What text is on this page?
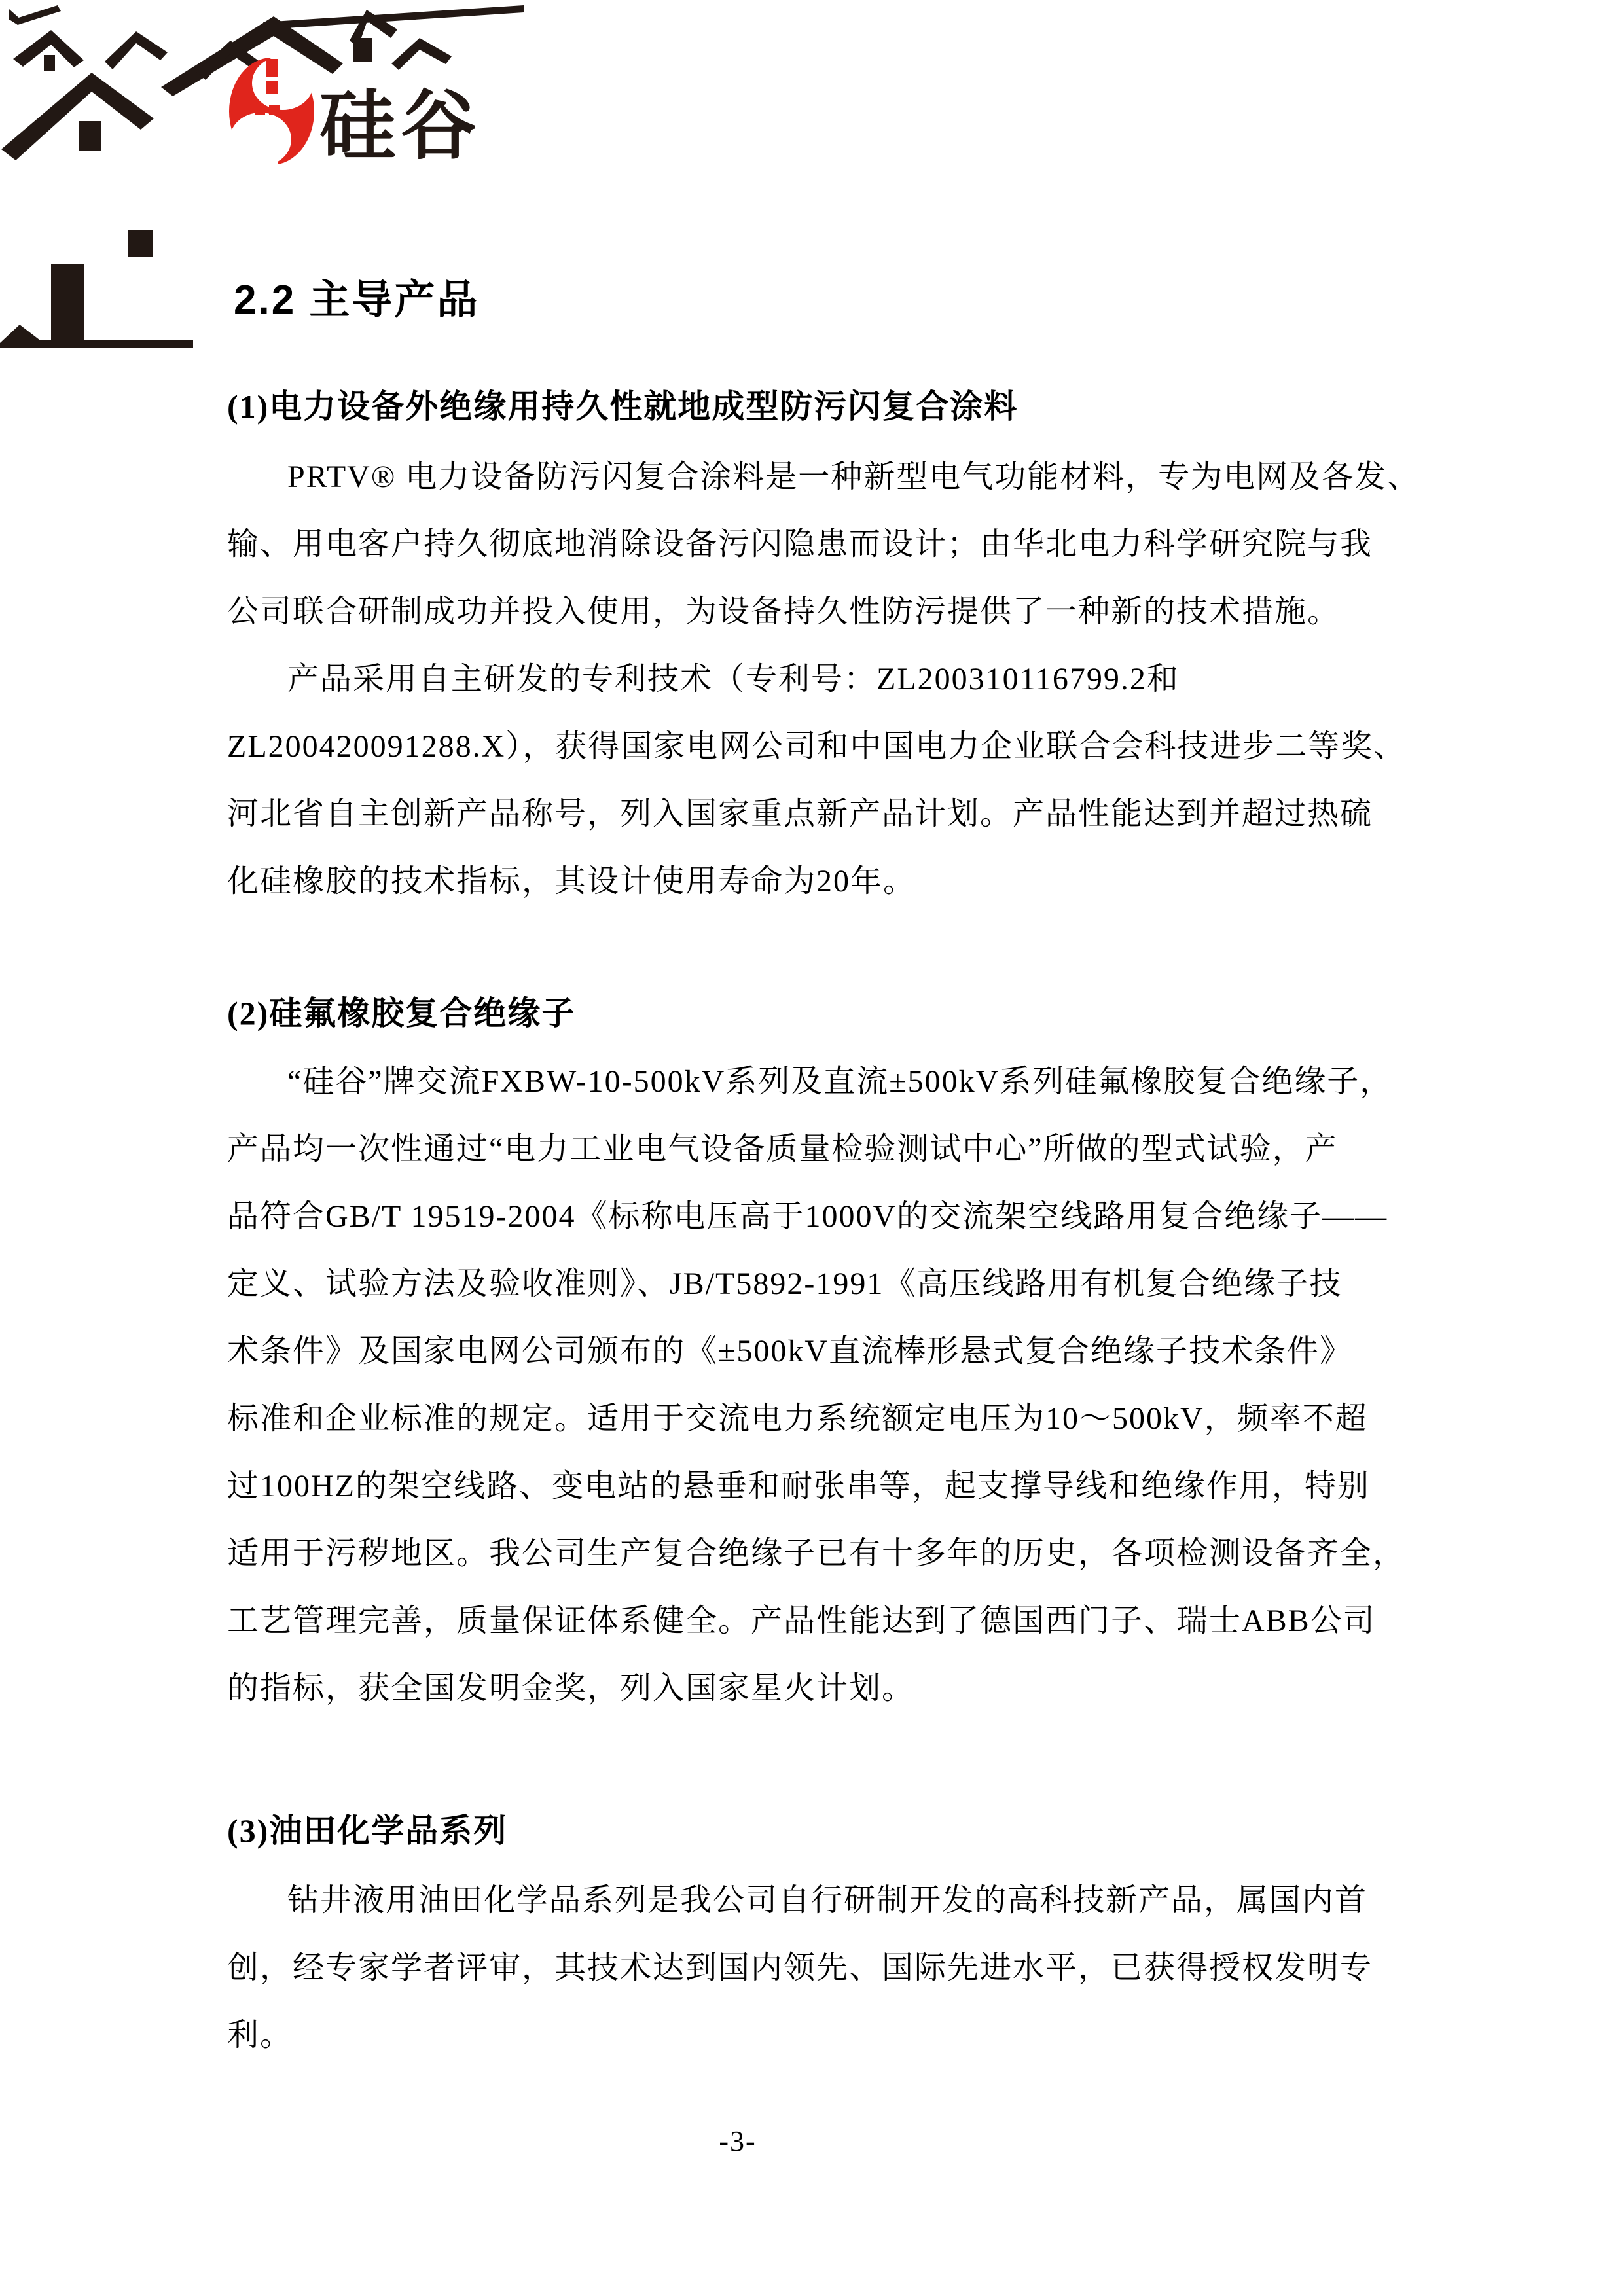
硅谷
2.2 主导产品
(1)电力设备外绝缘用持久性就地成型防污闪复合涂料
PRTV® 电力设备防污闪复合涂料是一种新型电气功能材料，专为电网及各发、
输、用电客户持久彻底地消除设备污闪隐患而设计；由华北电力科学研究院与我
公司联合研制成功并投入使用，为设备持久性防污提供了一种新的技术措施。
产品采用自主研发的专利技术（专利号：ZL200310116799.2和
ZL200420091288.X），获得国家电网公司和中国电力企业联合会科技进步二等奖、
河北省自主创新产品称号，列入国家重点新产品计划。产品性能达到并超过热硫
化硅橡胶的技术指标，其设计使用寿命为20年。
(2)硅氟橡胶复合绝缘子
“硅谷”牌交流FXBW-10-500kV系列及直流±500kV系列硅氟橡胶复合绝缘子，
产品均一次性通过“电力工业电气设备质量检验测试中心”所做的型式试验，产
品符合GB/T 19519-2004《标称电压高于1000V的交流架空线路用复合绝缘子——
定义、试验方法及验收准则》、JB/T5892-1991《高压线路用有机复合绝缘子技
术条件》及国家电网公司颁布的《±500kV直流棒形悬式复合绝缘子技术条件》
标准和企业标准的规定。适用于交流电力系统额定电压为10～500kV，频率不超
过100HZ的架空线路、变电站的悬垂和耐张串等，起支撑导线和绝缘作用，特别
适用于污秽地区。我公司生产复合绝缘子已有十多年的历史，各项检测设备齐全，
工艺管理完善，质量保证体系健全。产品性能达到了德国西门子、瑞士ABB公司
的指标，获全国发明金奖，列入国家星火计划。
(3)油田化学品系列
钻井液用油田化学品系列是我公司自行研制开发的高科技新产品，属国内首
创，经专家学者评审，其技术达到国内领先、国际先进水平，已获得授权发明专
利。
-3-
